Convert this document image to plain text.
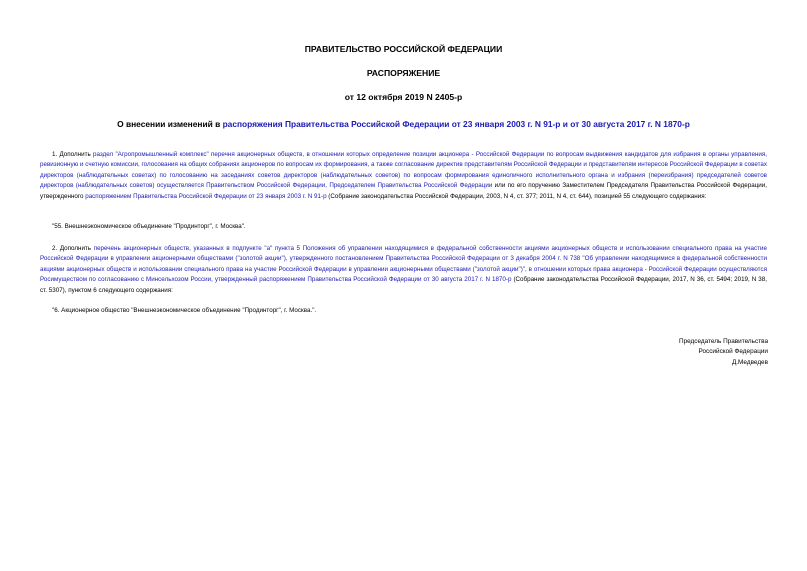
ПРАВИТЕЛЬСТВО РОССИЙСКОЙ ФЕДЕРАЦИИ
РАСПОРЯЖЕНИЕ
от 12 октября 2019 N 2405-р
О внесении изменений в распоряжения Правительства Российской Федерации от 23 января 2003 г. N 91-р и от 30 августа 2017 г. N 1870-р
1. Дополнить раздел "Агропромышленный комплекс" перечня акционерных обществ, в отношении которых определение позиции акционера - Российской Федерации по вопросам выдвижения кандидатов для избрания в органы управления, ревизионную и счетную комиссии, голосования на общих собраниях акционеров по вопросам их формирования, а также согласование директив представителям Российской Федерации и представителям интересов Российской Федерации в советах директоров (наблюдательных советах) по голосованию на заседаниях советов директоров (наблюдательных советов) по вопросам формирования единоличного исполнительного органа и избрания (переизбрания) председателей советов директоров (наблюдательных советов) осуществляется Правительством Российской Федерации, Председателем Правительства Российской Федерации или по его поручению Заместителем Председателя Правительства Российской Федерации, утвержденного распоряжением Правительства Российской Федерации от 23 января 2003 г. N 91-р (Собрание законодательства Российской Федерации, 2003, N 4, ст. 377; 2011, N 4, ст. 644), позицией 55 следующего содержания:
"55. Внешнеэкономическое объединение "Продинторг", г. Москва".
2. Дополнить перечень акционерных обществ, указанных в подпункте "а" пункта 5 Положения об управлении находящимися в федеральной собственности акциями акционерных обществ и использовании специального права на участие Российской Федерации в управлении акционерными обществами ("золотой акции"), утвержденного постановлением Правительства Российской Федерации от 3 декабря 2004 г. N 738 "Об управлении находящимися в федеральной собственности акциями акционерных обществ и использовании специального права на участие Российской Федерации в управлении акционерными обществами ("золотой акции")", в отношении которых права акционера - Российской Федерации осуществляются Росимуществом по согласованию с Минсельхозом России, утвержденный распоряжением Правительства Российской Федерации от 30 августа 2017 г. N 1870-р (Собрание законодательства Российской Федерации, 2017, N 36, ст. 5494; 2019, N 38, ст. 5307), пунктом 6 следующего содержания:
"6. Акционерное общество "Внешнеэкономическое объединение "Продинторг", г. Москва.".
Председатель Правительства
Российской Федерации
Д.Медведев
